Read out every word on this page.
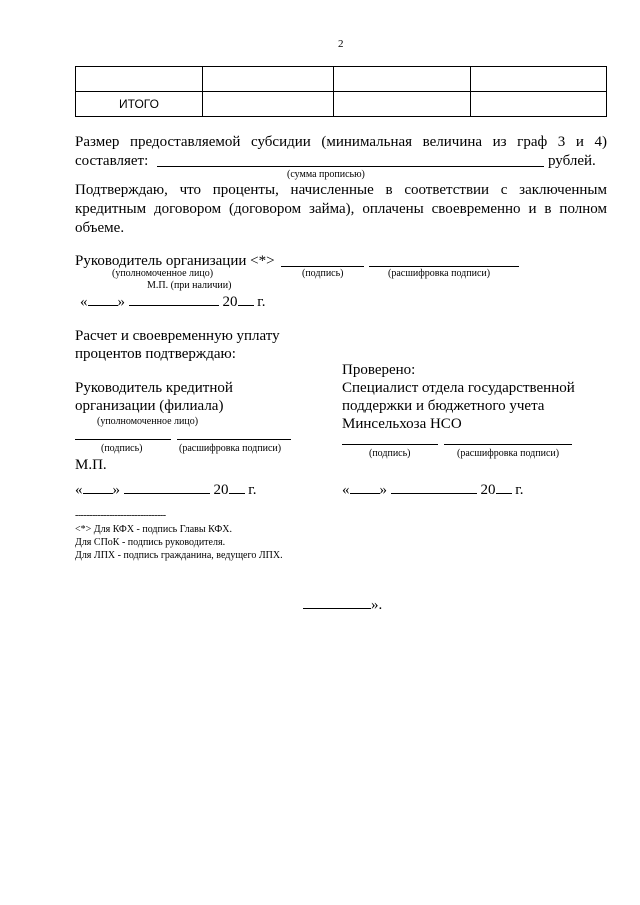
2

ИТОГО			
Размер предоставляемой субсидии (минимальная величина из граф 3 и 4)
составляет:	рублей.
(сумма прописью)
Подтверждаю, что проценты, начисленные в соответствии с заключенным
кредитным договором (договором займа), оплачены своевременно и в полном
объеме.
Руководитель организации <*>
(уполномоченное лицо)	(подпись)	(расшифровка подписи)
М.П. (при наличии)
« »	20 г.
Расчет и своевременную уплату
процентов подтверждаю:
Руководитель кредитной
организации (филиала)
(уполномоченное лицо)
(подпись)	(расшифровка подписи)
М.П.
« »	20 г.
Проверено:
Специалист отдела государственной
поддержки и бюджетного учета
Минсельхоза НСО
(подпись)	(расшифровка подписи)
« »	20 г.
--------------------------------
<*> Для КФХ - подпись Главы КФХ.
Для СПоК - подпись руководителя.
Для ЛПХ - подпись гражданина, ведущего ЛПХ.
».
